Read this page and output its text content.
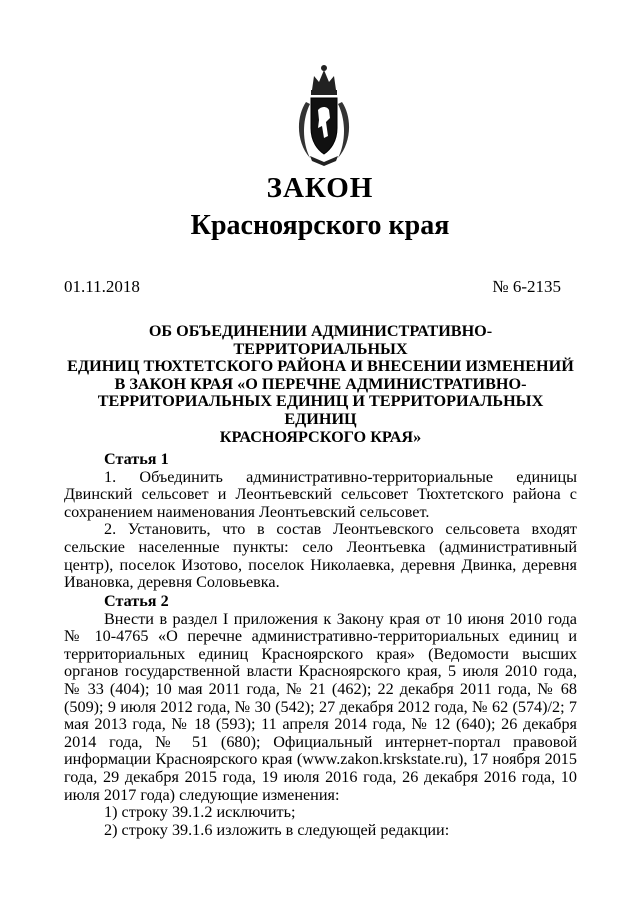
ЗАКОН
Красноярского края
01.11.2018	№ 6-2135
ОБ ОБЪЕДИНЕНИИ АДМИНИСТРАТИВНО-ТЕРРИТОРИАЛЬНЫХ
ЕДИНИЦ ТЮХТЕТСКОГО РАЙОНА И ВНЕСЕНИИ ИЗМЕНЕНИЙ
В ЗАКОН КРАЯ «О ПЕРЕЧНЕ АДМИНИСТРАТИВНО-
ТЕРРИТОРИАЛЬНЫХ ЕДИНИЦ И ТЕРРИТОРИАЛЬНЫХ ЕДИНИЦ
КРАСНОЯРСКОГО КРАЯ»

Статья 1

1. Объединить административно-территориальные единицы Двинский сельсовет и Леонтьевский сельсовет Тюхтетского района с сохранением наименования Леонтьевский сельсовет.

2. Установить, что в состав Леонтьевского сельсовета входят сельские населенные пункты: село Леонтьевка (административный центр), поселок Изотово, поселок Николаевка, деревня Двинка, деревня Ивановка, деревня Соловьевка.

Статья 2

Внести в раздел I приложения к Закону края от 10 июня 2010 года № 10-4765 «О перечне административно-территориальных единиц и территориальных единиц Красноярского края» (Ведомости высших органов государственной власти Красноярского края, 5 июля 2010 года, № 33 (404); 10 мая 2011 года, № 21 (462); 22 декабря 2011 года, № 68 (509); 9 июля 2012 года, № 30 (542); 27 декабря 2012 года, № 62 (574)/2; 7 мая 2013 года, № 18 (593); 11 апреля 2014 года, № 12 (640); 26 декабря 2014 года, № 51 (680); Официальный интернет-портал правовой информации Красноярского края (www.zakon.krskstate.ru), 17 ноября 2015 года, 29 декабря 2015 года, 19 июля 2016 года, 26 декабря 2016 года, 10 июля 2017 года) следующие изменения:

1) строку 39.1.2 исключить;

2) строку 39.1.6 изложить в следующей редакции:
